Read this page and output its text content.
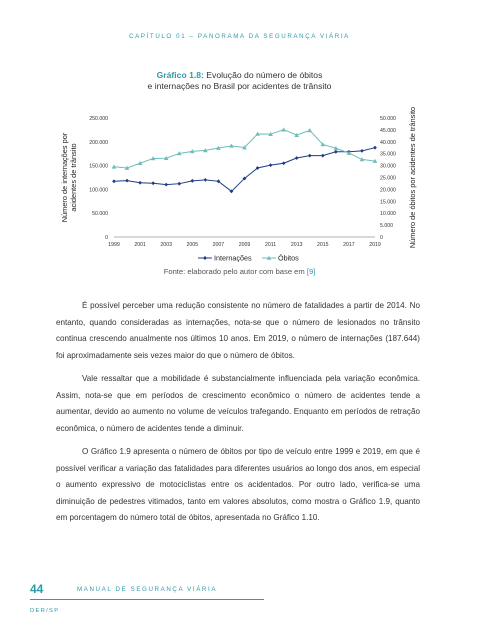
CAPÍTULO 01 – PANORAMA DA SEGURANÇA VIÁRIA
Gráfico 1.8: Evolução do número de óbitos
e internações no Brasil por acidentes de trânsito
0
50.000
100.000
150.000
200.000
250.000
0
5.000
10.000
15.000
20.000
25.000
30.000
35.000
40.000
45.000
50.000
1999	2001	2003	2005	2007	2009	2011	2013	2015	2017	2019
Número de internações por acidentes de trânsito	Número de óbitos por acidentes de trânsito
Internações	Óbitos
Fonte: elaborado pelo autor com base em [9]

É possível perceber uma redução consistente no número de fatalidades a partir de 2014. No entanto, quando consideradas as internações, nota-se que o número de lesionados no trânsito continua crescendo anualmente nos últimos 10 anos. Em 2019, o número de internações (187.644) foi aproximadamente seis vezes maior do que o número de óbitos.

Vale ressaltar que a mobilidade é substancialmente influenciada pela variação econômica. Assim, nota-se que em períodos de crescimento econômico o número de acidentes tende a aumentar, devido ao aumento no volume de veículos trafegando. Enquanto em períodos de retração econômica, o número de acidentes tende a diminuir.

O Gráfico 1.9 apresenta o número de óbitos por tipo de veículo entre 1999 e 2019, em que é possível verificar a variação das fatalidades para diferentes usuários ao longo dos anos, em especial o aumento expressivo de motociclistas entre os acidentados. Por outro lado, verifica-se uma diminuição de pedestres vitimados, tanto em valores absolutos, como mostra o Gráfico 1.9, quanto em porcentagem do número total de óbitos, apresentada no Gráfico 1.10.

44	MANUAL DE SEGURANÇA VIÁRIA
DER/SP
